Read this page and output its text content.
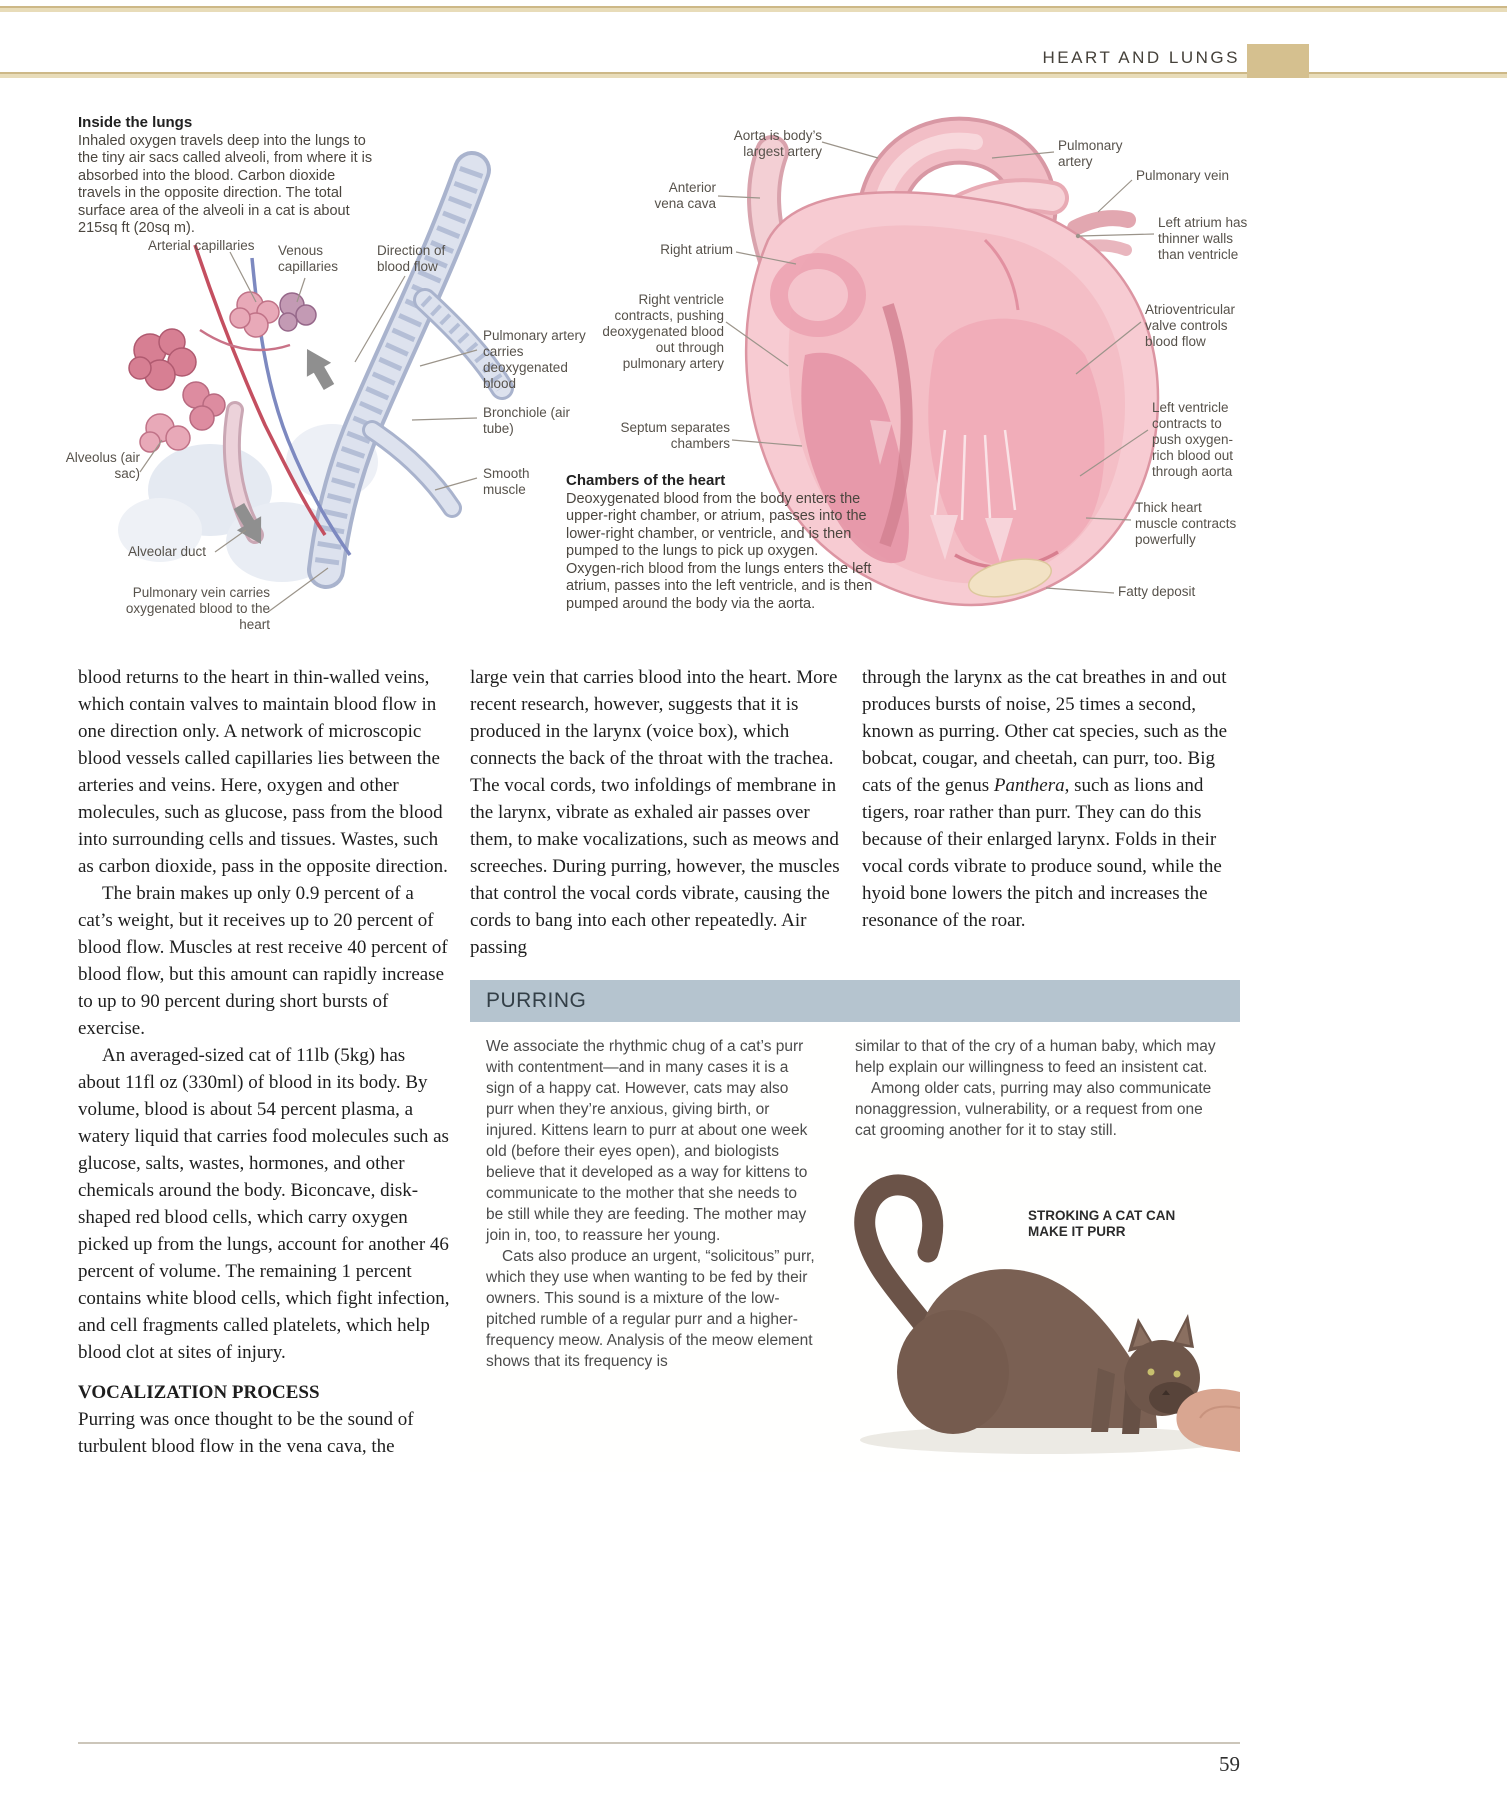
HEART AND LUNGS
Inside the lungs
Inhaled oxygen travels deep into the lungs to the tiny air sacs called alveoli, from where it is absorbed into the blood. Carbon dioxide travels in the opposite direction. The total surface area of the alveoli in a cat is about 215sq ft (20sq m).
Arterial capillaries	Venous capillaries
Direction of blood flow
Pulmonary artery carries deoxygenated blood
Bronchiole (air tube)
Smooth muscle
Alveolus (air sac)
Alveolar duct
Pulmonary vein carries oxygenated blood to the heart
Aorta is body’s largest artery	Pulmonary artery
Pulmonary vein
Anterior vena cava
Right atrium
Left atrium has thinner walls than ventricle
Right ventricle contracts, pushing deoxygenated blood out through pulmonary artery
Atrioventricular valve controls blood flow
Septum separates chambers
Left ventricle contracts to push oxygen-rich blood out through aorta
Thick heart muscle contracts powerfully
Fatty deposit
Chambers of the heart
Deoxygenated blood from the body enters the upper-right chamber, or atrium, passes into the lower-right chamber, or ventricle, and is then pumped to the lungs to pick up oxygen. Oxygen-rich blood from the lungs enters the left atrium, passes into the left ventricle, and is then pumped around the body via the aorta.

blood returns to the heart in thin-walled veins, which contain valves to maintain blood flow in one direction only. A network of microscopic blood vessels called capillaries lies between the arteries and veins. Here, oxygen and other molecules, such as glucose, pass from the blood into surrounding cells and tissues. Wastes, such as carbon dioxide, pass in the opposite direction.

The brain makes up only 0.9 percent of a cat’s weight, but it receives up to 20 percent of blood flow. Muscles at rest receive 40 percent of blood flow, but this amount can rapidly increase to up to 90 percent during short bursts of exercise.

An averaged-sized cat of 11lb (5kg) has about 11fl oz (330ml) of blood in its body. By volume, blood is about 54 percent plasma, a watery liquid that carries food molecules such as glucose, salts, wastes, hormones, and other chemicals around the body. Biconcave, disk-shaped red blood cells, which carry oxygen picked up from the lungs, account for another 46 percent of volume. The remaining 1 percent contains white blood cells, which fight infection, and cell fragments called platelets, which help blood clot at sites of injury.

VOCALIZATION PROCESS

Purring was once thought to be the sound of turbulent blood flow in the vena cava, the

large vein that carries blood into the heart. More recent research, however, suggests that it is produced in the larynx (voice box), which connects the back of the throat with the trachea. The vocal cords, two infoldings of membrane in the larynx, vibrate as exhaled air passes over them, to make vocalizations, such as meows and screeches. During purring, however, the muscles that control the vocal cords vibrate, causing the cords to bang into each other repeatedly. Air passing

through the larynx as the cat breathes in and out produces bursts of noise, 25 times a second, known as purring. Other cat species, such as the bobcat, cougar, and cheetah, can purr, too. Big cats of the genus Panthera, such as lions and tigers, roar rather than purr. They can do this because of their enlarged larynx. Folds in their vocal cords vibrate to produce sound, while the hyoid bone lowers the pitch and increases the resonance of the roar.

PURRING

We associate the rhythmic chug of a cat’s purr with contentment—and in many cases it is a sign of a happy cat. However, cats may also purr when they’re anxious, giving birth, or injured. Kittens learn to purr at about one week old (before their eyes open), and biologists believe that it developed as a way for kittens to communicate to the mother that she needs to be still while they are feeding. The mother may join in, too, to reassure her young.

Cats also produce an urgent, “solicitous” purr, which they use when wanting to be fed by their owners. This sound is a mixture of the low-pitched rumble of a regular purr and a higher-frequency meow. Analysis of the meow element shows that its frequency is

similar to that of the cry of a human baby, which may help explain our willingness to feed an insistent cat.

Among older cats, purring may also communicate nonaggression, vulnerability, or a request from one cat grooming another for it to stay still.

STROKING A CAT CAN MAKE IT PURR
59
